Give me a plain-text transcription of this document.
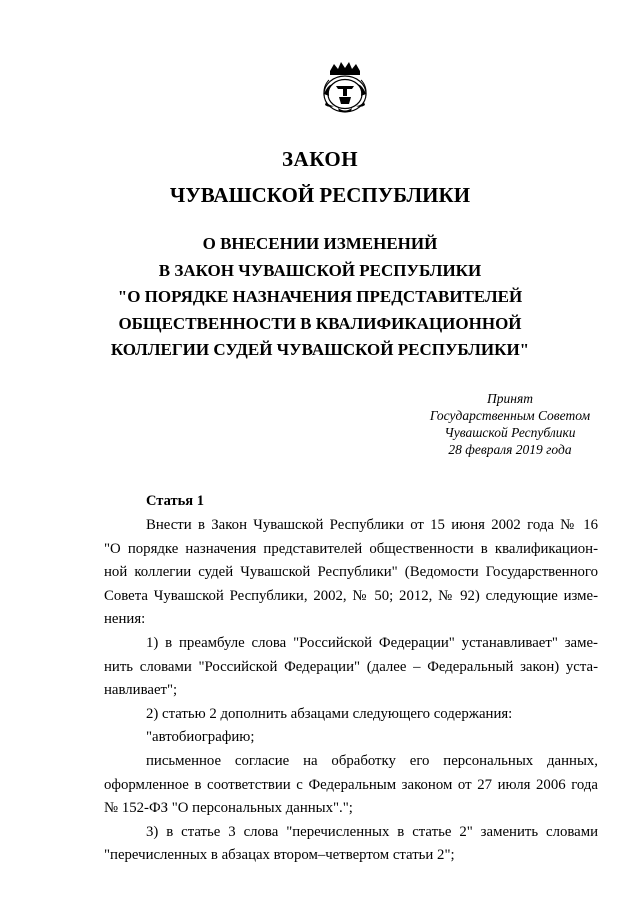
ЗАКОН
ЧУВАШСКОЙ РЕСПУБЛИКИ
О ВНЕСЕНИИ ИЗМЕНЕНИЙ
В ЗАКОН ЧУВАШСКОЙ РЕСПУБЛИКИ
"О ПОРЯДКЕ НАЗНАЧЕНИЯ ПРЕДСТАВИТЕЛЕЙ
ОБЩЕСТВЕННОСТИ В КВАЛИФИКАЦИОННОЙ
КОЛЛЕГИИ СУДЕЙ ЧУВАШСКОЙ РЕСПУБЛИКИ"
Принят
Государственным Советом
Чувашской Республики
28 февраля 2019 года
Статья 1
Внести в Закон Чувашской Республики от 15 июня 2002 года № 16
"О порядке назначения представителей общественности в квалификацион-
ной коллегии судей Чувашской Республики" (Ведомости Государственного
Совета Чувашской Республики, 2002, № 50; 2012, № 92) следующие изме-
нения:
1) в преамбуле слова "Российской Федерации" устанавливает" заме-
нить словами "Российской Федерации" (далее – Федеральный закон) уста-
навливает";
2) статью 2 дополнить абзацами следующего содержания:
"автобиографию;
письменное согласие на обработку его персональных данных,
оформленное в соответствии с Федеральным законом от 27 июля 2006 года
№ 152-ФЗ "О персональных данных".";
3) в статье 3 слова "перечисленных в статье 2" заменить словами
"перечисленных в абзацах втором–четвертом статьи 2";
